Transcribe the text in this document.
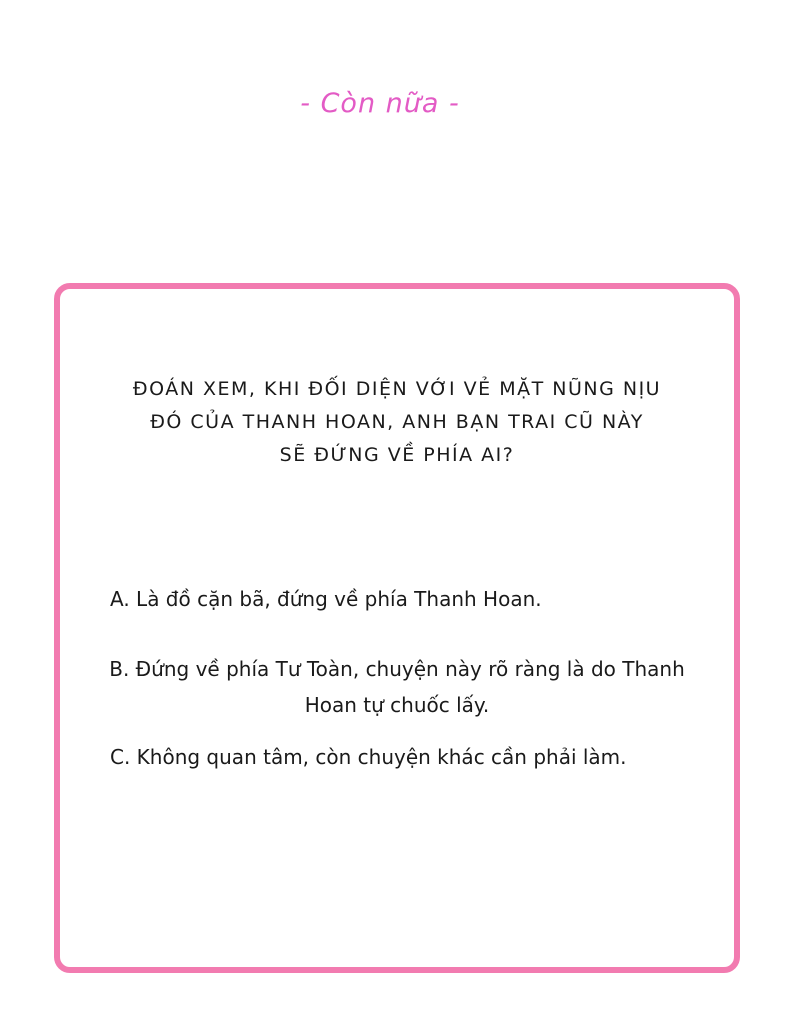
- Còn nữa -

ĐOÁN XEM, KHI ĐỐI DIỆN VỚI VẺ MẶT NŨNG NỊU
ĐÓ CỦA THANH HOAN, ANH BẠN TRAI CŨ NÀY
SẼ ĐỨNG VỀ PHÍA AI?

A. Là đồ cặn bã, đứng về phía Thanh Hoan.
B. Đứng về phía Tư Toàn, chuyện này rõ ràng là do Thanh
Hoan tự chuốc lấy.
C. Không quan tâm, còn chuyện khác cần phải làm.
